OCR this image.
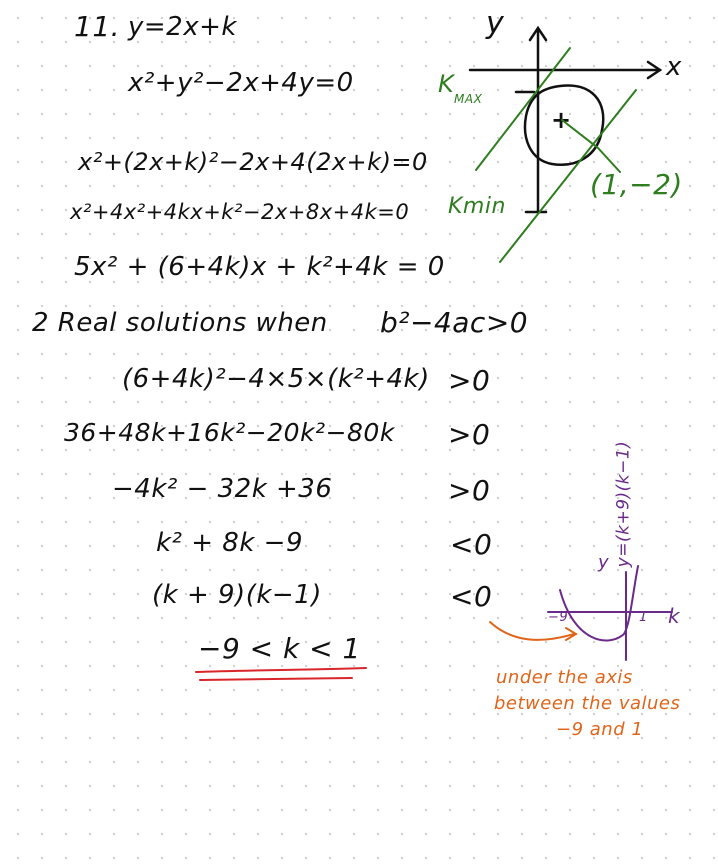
11. y=2x+k
x²+y²−2x+4y=0
x²+(2x+k)²−2x+4(2x+k)=0
x²+4x²+4kx+k²−2x+8x+4k=0
5x² + (6+4k)x + k²+4k = 0
2 Real solutions when b²−4ac>0
(6+4k)²−4×5×(k²+4k) >0
36+48k+16k²−20k²−80k >0
−4k² − 32k +36	>0
k² + 8k −9	<0
(k + 9)(k−1)	<0
−9 < k < 1
y
x
K
MAX
Kmin
(1,−2)
+
y
k
y=(k+9)(k−1)
−9	1
under the axis
between the values
−9 and 1
